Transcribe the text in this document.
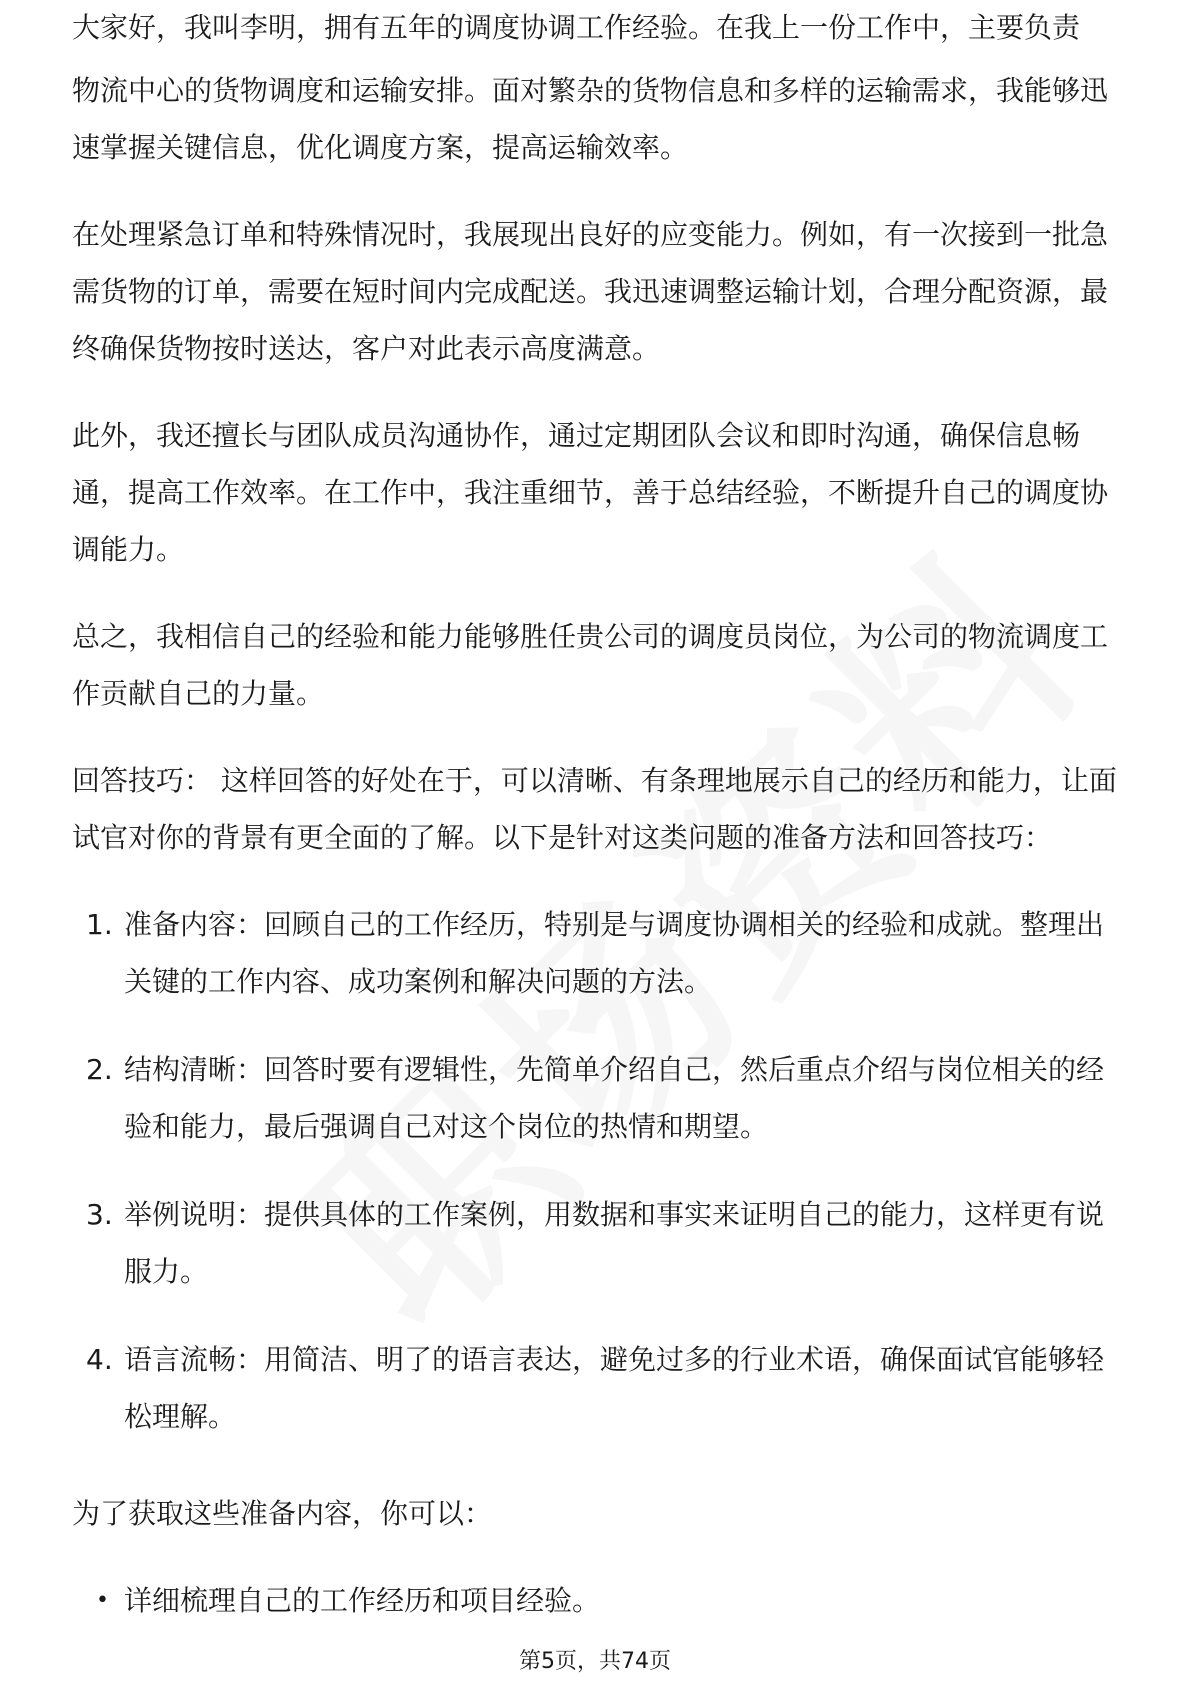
大家好，我叫李明，拥有五年的调度协调工作经验。在我上一份工作中，主要负责

物流中心的货物调度和运输安排。面对繁杂的货物信息和多样的运输需求，我能够迅速掌握关键信息，优化调度方案，提高运输效率。

在处理紧急订单和特殊情况时，我展现出良好的应变能力。例如，有一次接到一批急需货物的订单，需要在短时间内完成配送。我迅速调整运输计划，合理分配资源，最终确保货物按时送达，客户对此表示高度满意。

此外，我还擅长与团队成员沟通协作，通过定期团队会议和即时沟通，确保信息畅通，提高工作效率。在工作中，我注重细节，善于总结经验，不断提升自己的调度协调能力。

总之，我相信自己的经验和能力能够胜任贵公司的调度员岗位，为公司的物流调度工作贡献自己的力量。

回答技巧： 这样回答的好处在于，可以清晰、有条理地展示自己的经历和能力，让面试官对你的背景有更全面的了解。以下是针对这类问题的准备方法和回答技巧：

1. 准备内容：回顾自己的工作经历，特别是与调度协调相关的经验和成就。整理出关键的工作内容、成功案例和解决问题的方法。
2. 结构清晰：回答时要有逻辑性，先简单介绍自己，然后重点介绍与岗位相关的经验和能力，最后强调自己对这个岗位的热情和期望。
3. 举例说明：提供具体的工作案例，用数据和事实来证明自己的能力，这样更有说服力。
4. 语言流畅：用简洁、明了的语言表达，避免过多的行业术语，确保面试官能够轻松理解。

为了获取这些准备内容，你可以：

• 详细梳理自己的工作经历和项目经验。
第5页，共74页
